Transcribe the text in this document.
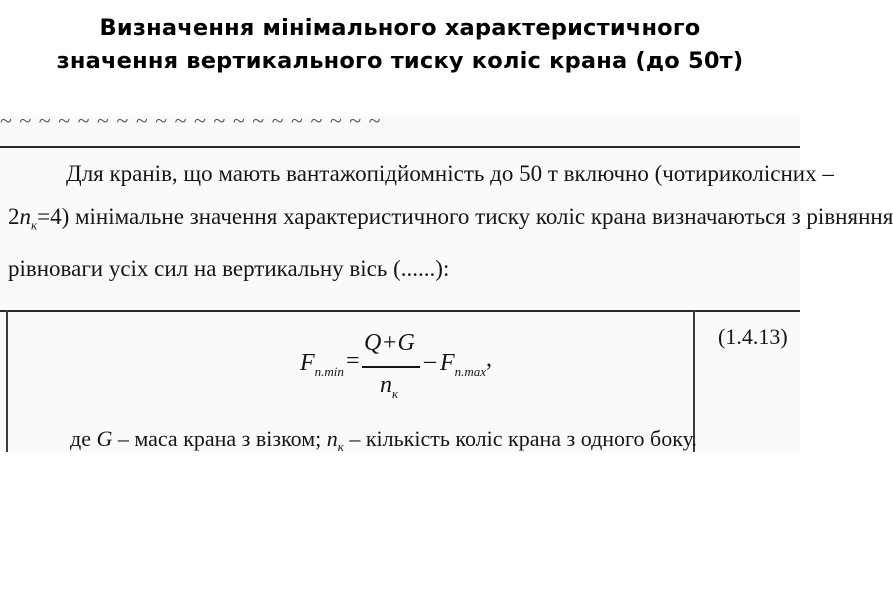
Визначення мінімального характеристичного
значення вертикального тиску коліс крана (до 50т)
~ ~ ~ ~ ~ ~ ~ ~ ~ ~ ~ ~ ~ ~ ~ ~ ~ ~ ~ ~
Для кранів, що мають вантажопідйомність до 50 т включно (чотириколісних –
$2n_к=4$) мінімальне значення характеристичного тиску коліс крана визначаються з рівняння
рівноваги усіх сил на вертикальну вісь (......):
$F_{п.min}$ =
Q+G
$n_к$
– $F_{п.max}$ ,
(1.4.13)
де G – маса крана з візком; $n_к$ – кількість коліс крана з одного боку.
